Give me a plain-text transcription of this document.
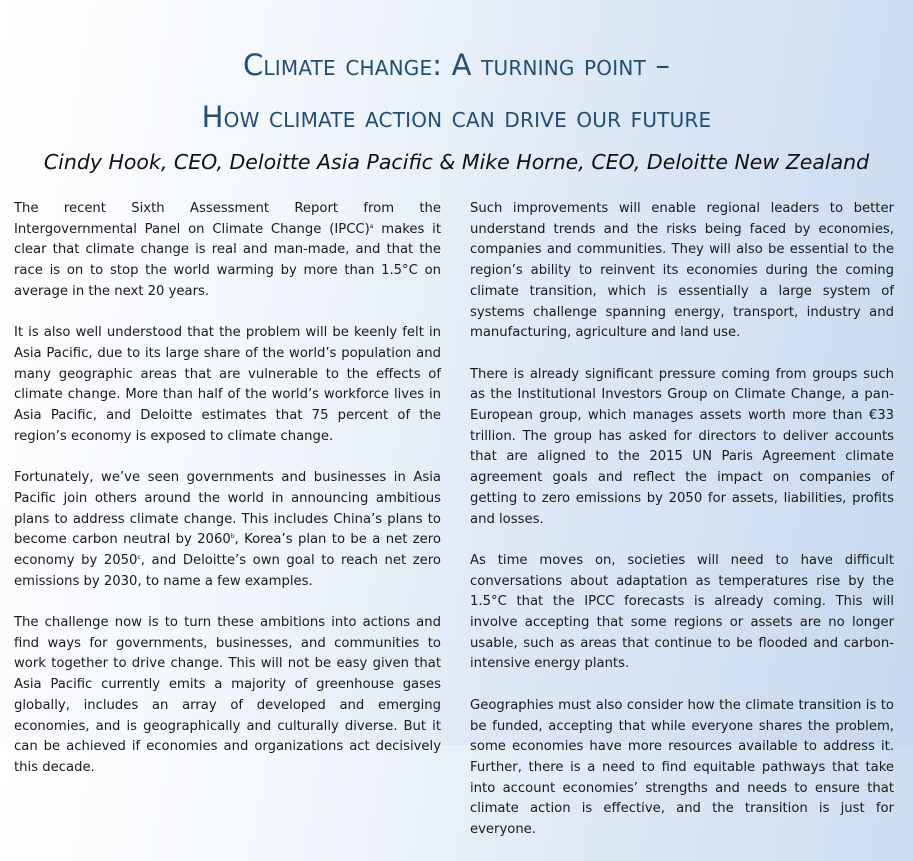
Climate change: A turning point –
How climate action can drive our future

Cindy Hook, CEO, Deloitte Asia Pacific & Mike Horne, CEO, Deloitte New Zealand

The recent Sixth Assessment Report from the Intergovernmental Panel on Climate Change (IPCC)$^a$ makes it clear that climate change is real and man-made, and that the race is on to stop the world warming by more than 1.5°C on average in the next 20 years.

It is also well understood that the problem will be keenly felt in Asia Pacific, due to its large share of the world’s population and many geographic areas that are vulnerable to the effects of climate change. More than half of the world’s workforce lives in Asia Pacific, and Deloitte estimates that 75 percent of the region’s economy is exposed to climate change.

Fortunately, we’ve seen governments and businesses in Asia Pacific join others around the world in announcing ambitious plans to address climate change. This includes China’s plans to become carbon neutral by 2060$^b$, Korea’s plan to be a net zero economy by 2050$^c$, and Deloitte’s own goal to reach net zero emissions by 2030, to name a few examples.

The challenge now is to turn these ambitions into actions and find ways for governments, businesses, and communities to work together to drive change. This will not be easy given that Asia Pacific currently emits a majority of greenhouse gases globally, includes an array of developed and emerging economies, and is geographically and culturally diverse. But it can be achieved if economies and organizations act decisively this decade.

Such improvements will enable regional leaders to better understand trends and the risks being faced by economies, companies and communities. They will also be essential to the region’s ability to reinvent its economies during the coming climate transition, which is essentially a large system of systems challenge spanning energy, transport, industry and manufacturing, agriculture and land use.

There is already significant pressure coming from groups such as the Institutional Investors Group on Climate Change, a pan-European group, which manages assets worth more than €33 trillion. The group has asked for directors to deliver accounts that are aligned to the 2015 UN Paris Agreement climate agreement goals and reflect the impact on companies of getting to zero emissions by 2050 for assets, liabilities, profits and losses.

As time moves on, societies will need to have difficult conversations about adaptation as temperatures rise by the 1.5°C that the IPCC forecasts is already coming. This will involve accepting that some regions or assets are no longer usable, such as areas that continue to be flooded and carbon-intensive energy plants.

Geographies must also consider how the climate transition is to be funded, accepting that while everyone shares the problem, some economies have more resources available to address it. Further, there is a need to find equitable pathways that take into account economies’ strengths and needs to ensure that climate action is effective, and the transition is just for everyone.
